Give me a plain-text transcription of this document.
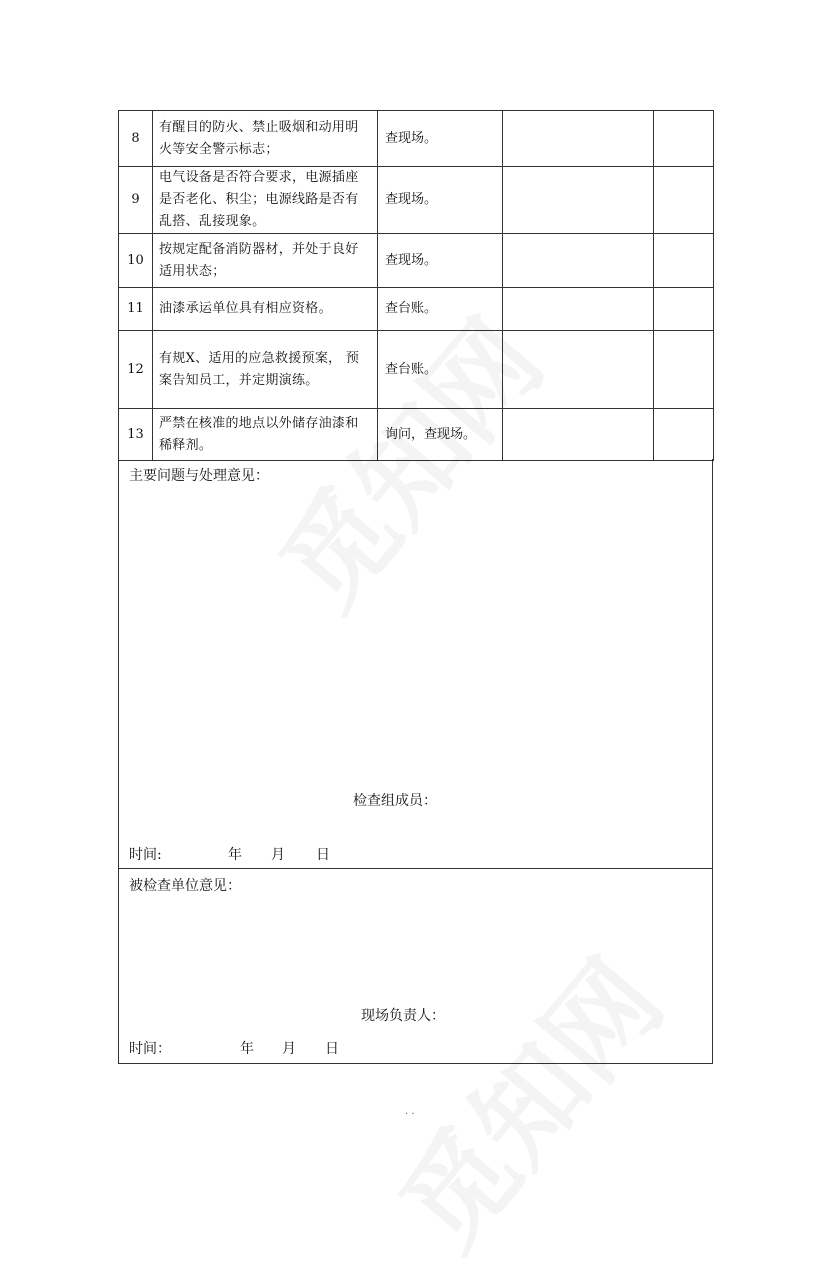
8	有醒目的防火、禁止吸烟和动用明火等安全警示标志；	查现场。		
9	电气设备是否符合要求，电源插座是否老化、积尘；电源线路是否有乱搭、乱接现象。	查现场。		
10	按规定配备消防器材，并处于良好适用状态；	查现场。		
11	油漆承运单位具有相应资格。	查台账。		
12	有规X、适用的应急救援预案， 预案告知员工，并定期演练。	查台账。		
13	严禁在核准的地点以外储存油漆和稀释剂。	询问，查现场。		
主要问题与处理意见：
检查组成员：
时间:	年 月 日
被检查单位意见：
现场负责人：
时间：	年 月 日
. .
